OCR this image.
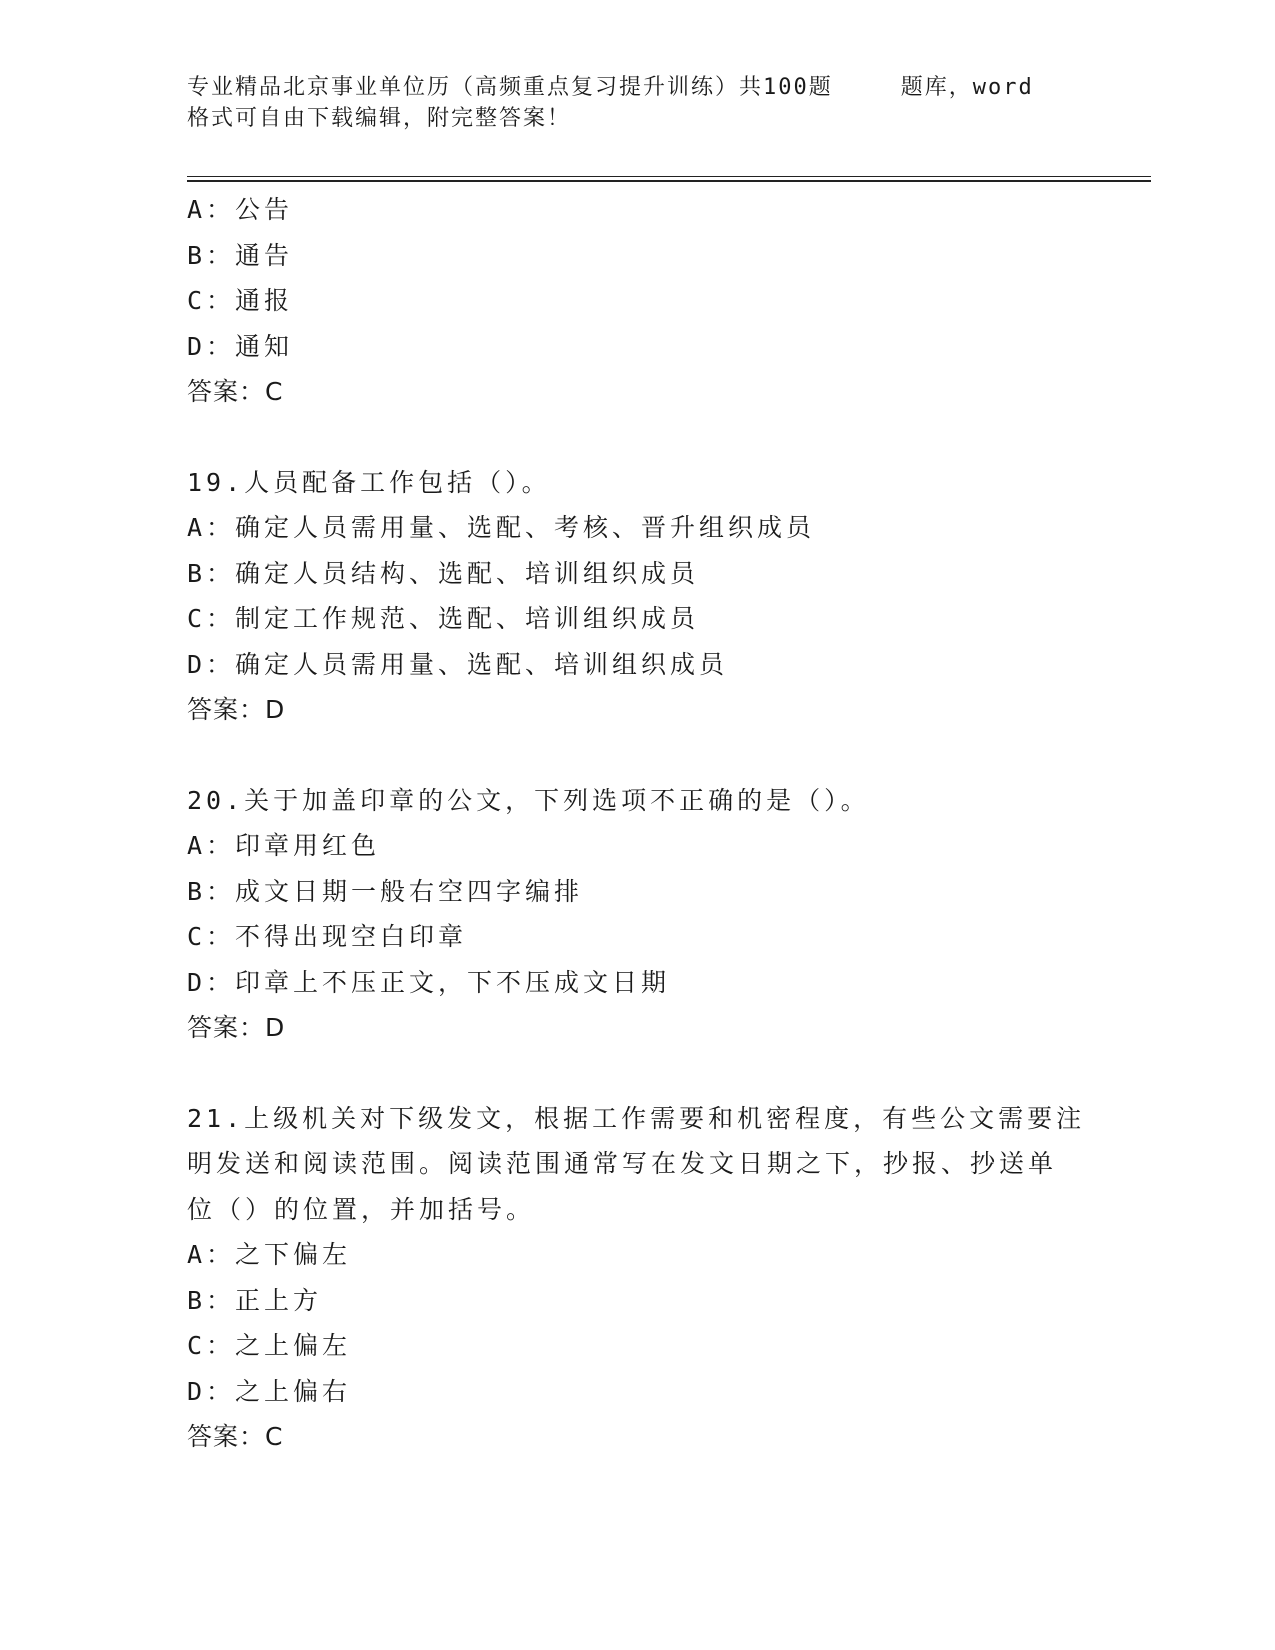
专业精品北京事业单位历（高频重点复习提升训练）共100题	题库，word
格式可自由下载编辑，附完整答案！
A：公告
B：通告
C：通报
D：通知
答案：C
19.人员配备工作包括（）。
A：确定人员需用量、选配、考核、晋升组织成员
B：确定人员结构、选配、培训组织成员
C：制定工作规范、选配、培训组织成员
D：确定人员需用量、选配、培训组织成员
答案：D
20.关于加盖印章的公文，下列选项不正确的是（）。
A：印章用红色
B：成文日期一般右空四字编排
C：不得出现空白印章
D：印章上不压正文，下不压成文日期
答案：D
21.上级机关对下级发文，根据工作需要和机密程度，有些公文需要注
明发送和阅读范围。阅读范围通常写在发文日期之下，抄报、抄送单
位（）的位置，并加括号。
A：之下偏左
B：正上方
C：之上偏左
D：之上偏右
答案：C
